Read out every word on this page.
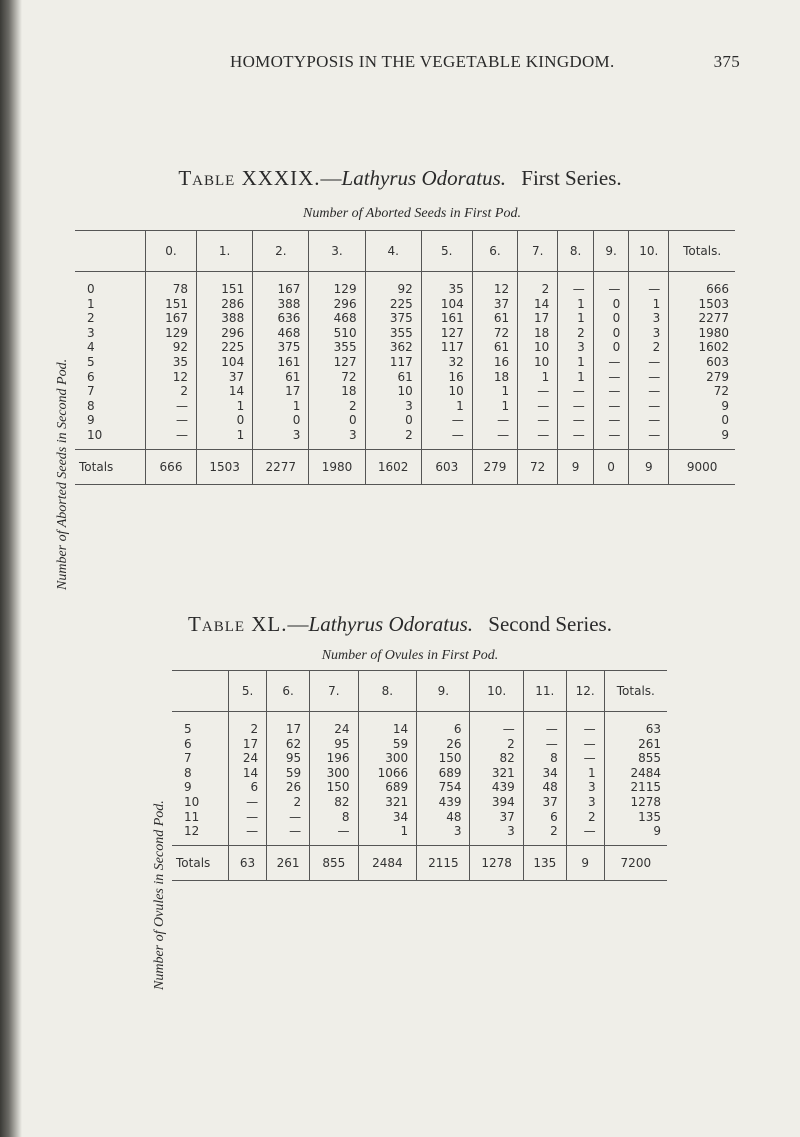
HOMOTYPOSIS IN THE VEGETABLE KINGDOM.	375
Table XXXIX.—Lathyrus Odoratus. First Series.
Number of Aborted Seeds in First Pod.
Number of Aborted Seeds in Second Pod.
	0.	1.	2.	3.	4.	5.	6.	7.	8.	9.	10.	Totals.
0	78	151	167	129	92	35	12	2	—	—	—	666
1	151	286	388	296	225	104	37	14	1	0	1	1503
2	167	388	636	468	375	161	61	17	1	0	3	2277
3	129	296	468	510	355	127	72	18	2	0	3	1980
4	92	225	375	355	362	117	61	10	3	0	2	1602
5	35	104	161	127	117	32	16	10	1	—	—	603
6	12	37	61	72	61	16	18	1	1	—	—	279
7	2	14	17	18	10	10	1	—	—	—	—	72
8	—	1	1	2	3	1	1	—	—	—	—	9
9	—	0	0	0	0	—	—	—	—	—	—	0
10	—	1	3	3	2	—	—	—	—	—	—	9
Totals	666	1503	2277	1980	1602	603	279	72	9	0	9	9000
Table XL.—Lathyrus Odoratus. Second Series.
Number of Ovules in First Pod.
Number of Ovules in Second Pod.
	5.	6.	7.	8.	9.	10.	11.	12.	Totals.
5	2	17	24	14	6	—	—	—	63
6	17	62	95	59	26	2	—	—	261
7	24	95	196	300	150	82	8	—	855
8	14	59	300	1066	689	321	34	1	2484
9	6	26	150	689	754	439	48	3	2115
10	—	2	82	321	439	394	37	3	1278
11	—	—	8	34	48	37	6	2	135
12	—	—	—	1	3	3	2	—	9
Totals	63	261	855	2484	2115	1278	135	9	7200
